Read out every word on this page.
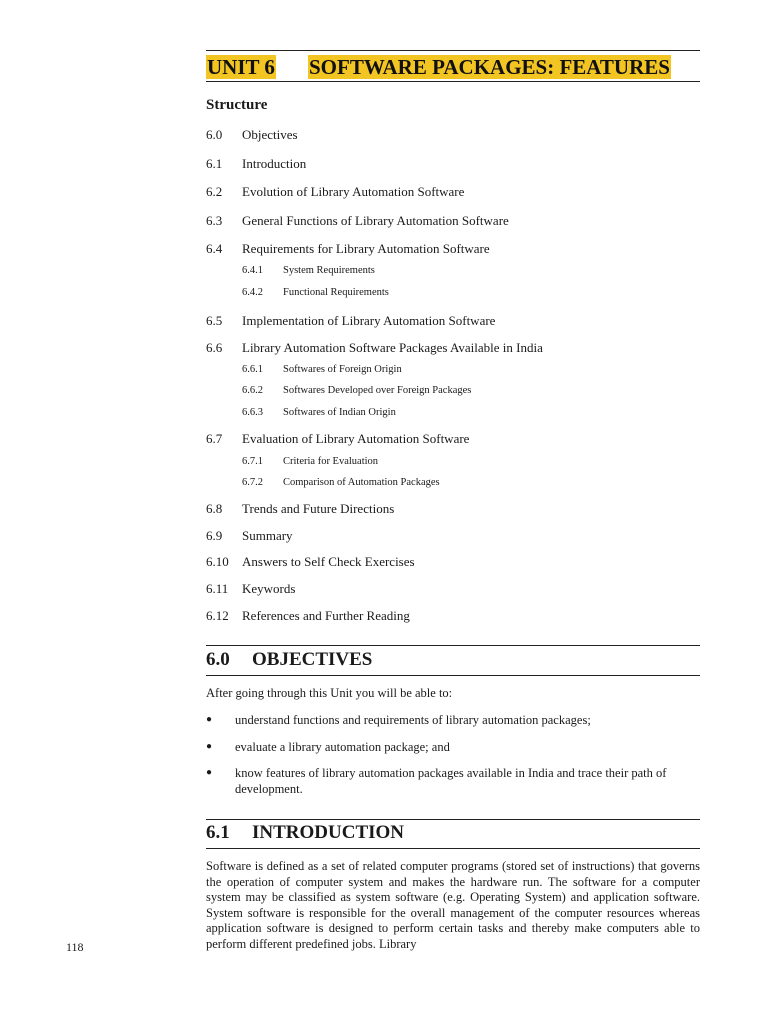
UNIT 6 SOFTWARE PACKAGES: FEATURES
Structure
6.0 Objectives
6.1 Introduction
6.2 Evolution of Library Automation Software
6.3 General Functions of Library Automation Software
6.4 Requirements for Library Automation Software
6.4.1 System Requirements
6.4.2 Functional Requirements
6.5 Implementation of Library Automation Software
6.6 Library Automation Software Packages Available in India
6.6.1 Softwares of Foreign Origin
6.6.2 Softwares Developed over Foreign Packages
6.6.3 Softwares of Indian Origin
6.7 Evaluation of Library Automation Software
6.7.1 Criteria for Evaluation
6.7.2 Comparison of Automation Packages
6.8 Trends and Future Directions
6.9 Summary
6.10 Answers to Self Check Exercises
6.11 Keywords
6.12 References and Further Reading
6.0 OBJECTIVES
After going through this Unit you will be able to:
● understand functions and requirements of library automation packages;
● evaluate a library automation package; and
● know features of library automation packages available in India and trace their path of development.
6.1 INTRODUCTION
Software is defined as a set of related computer programs (stored set of instructions) that governs the operation of computer system and makes the hardware run. The software for a computer system may be classified as system software (e.g. Operating System) and application software. System software is responsible for the overall management of the computer resources whereas application software is designed to perform certain tasks and thereby make computers able to perform different predefined jobs. Library
118
